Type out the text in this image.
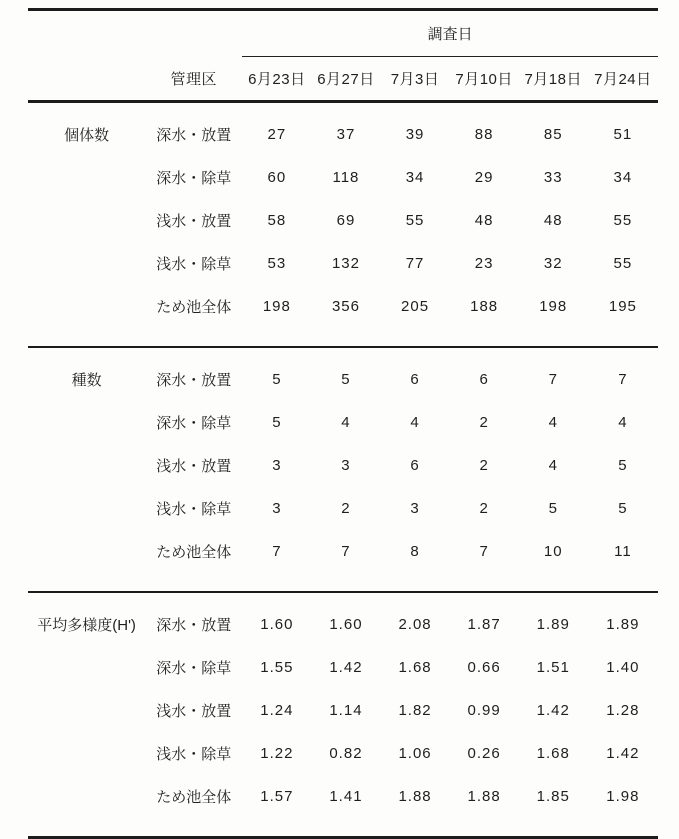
		調査日					
	管理区	6月23日	6月27日	7月3日	7月10日	7月18日	7月24日
個体数	深水・放置	27	37	39	88	85	51
	深水・除草	60	118	34	29	33	34
	浅水・放置	58	69	55	48	48	55
	浅水・除草	53	132	77	23	32	55
	ため池全体	198	356	205	188	198	195
種数	深水・放置	5	5	6	6	7	7
	深水・除草	5	4	4	2	4	4
	浅水・放置	3	3	6	2	4	5
	浅水・除草	3	2	3	2	5	5
	ため池全体	7	7	8	7	10	11
平均多様度(H')	深水・放置	1.60	1.60	2.08	1.87	1.89	1.89
	深水・除草	1.55	1.42	1.68	0.66	1.51	1.40
	浅水・放置	1.24	1.14	1.82	0.99	1.42	1.28
	浅水・除草	1.22	0.82	1.06	0.26	1.68	1.42
	ため池全体	1.57	1.41	1.88	1.88	1.85	1.98
